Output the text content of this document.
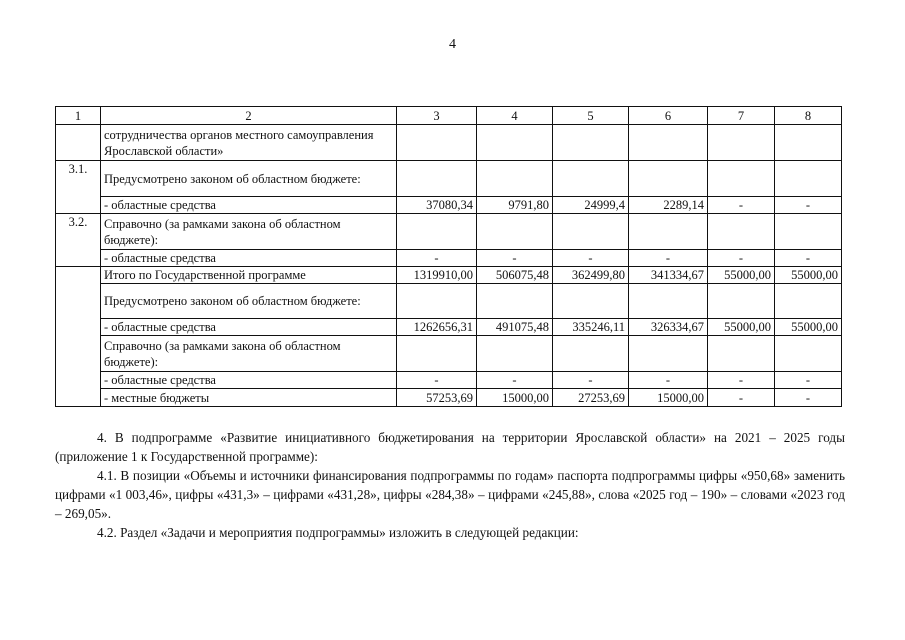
4
1	2	3	4	5	6	7	8
	сотрудничества органов местного самоуправления Ярославской области»						
3.1.	Предусмотрено законом об областном бюджете:						
	- областные средства	37080,34	9791,80	24999,4	2289,14	-	-
3.2.	Справочно (за рамками закона об областном бюджете):						
	- областные средства	-	-	-	-	-	-
	Итого по Государственной программе	1319910,00	506075,48	362499,80	341334,67	55000,00	55000,00
	Предусмотрено законом об областном бюджете:						
	- областные средства	1262656,31	491075,48	335246,11	326334,67	55000,00	55000,00
	Справочно (за рамками закона об областном бюджете):						
	- областные средства	-	-	-	-	-	-
	- местные бюджеты	57253,69	15000,00	27253,69	15000,00	-	-

4. В подпрограмме «Развитие инициативного бюджетирования на территории Ярославской области» на 2021 – 2025 годы (приложение 1 к Государственной программе):

4.1. В позиции «Объемы и источники финансирования подпрограммы по годам» паспорта подпрограммы цифры «950,68» заменить цифрами «1 003,46», цифры «431,3» – цифрами «431,28», цифры «284,38» – цифрами «245,88», слова «2025 год – 190» – словами «2023 год – 269,05».

4.2. Раздел «Задачи и мероприятия подпрограммы» изложить в следующей редакции:
